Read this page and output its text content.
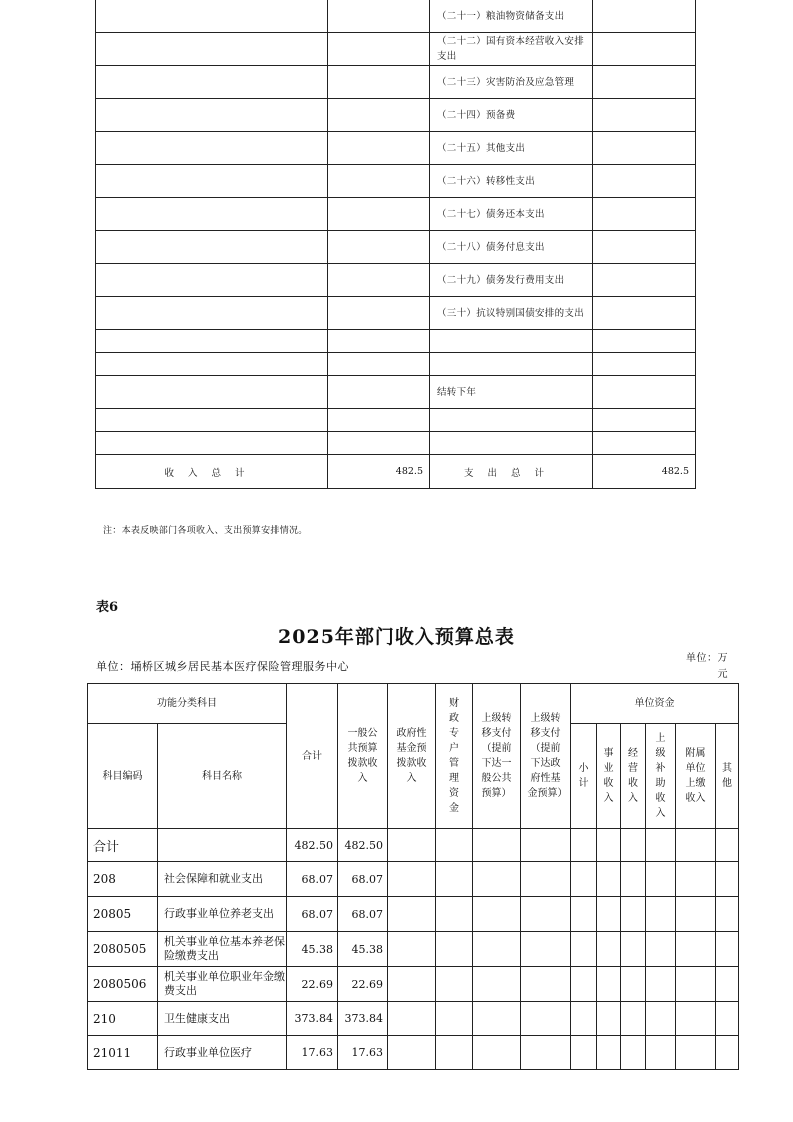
		（二十一）粮油物资储备支出	
		（二十二）国有资本经营收入安排支出	
		（二十三）灾害防治及应急管理	
		（二十四）预备费	
		（二十五）其他支出	
		（二十六）转移性支出	
		（二十七）债务还本支出	
		（二十八）债务付息支出	
		（二十九）债务发行费用支出	
		（三十）抗议特别国债安排的支出	

		结转下年	

收入总计	482.5	支出总计	482.5
注：本表反映部门各项收入、支出预算安排情况。
表6
2025年部门收入预算总表
单位：埇桥区城乡居民基本医疗保险管理服务中心
单位：万元
功能分类科目		合计	一般公共预算拨款收入	政府性基金预拨款收入	财政专户管理资金	上级转移支付（提前下达一般公共预算）	上级转移支付（提前下达政府性基金预算）	单位资金					
科目编码	科目名称							小计	事业收入	经营收入	上级补助收入	附属单位上缴收入	其他
合计		482.50	482.50										
208	社会保障和就业支出	68.07	68.07										
20805	行政事业单位养老支出	68.07	68.07										
2080505	机关事业单位基本养老保险缴费支出	45.38	45.38										
2080506	机关事业单位职业年金缴费支出	22.69	22.69										
210	卫生健康支出	373.84	373.84										
21011	行政事业单位医疗	17.63	17.63										
